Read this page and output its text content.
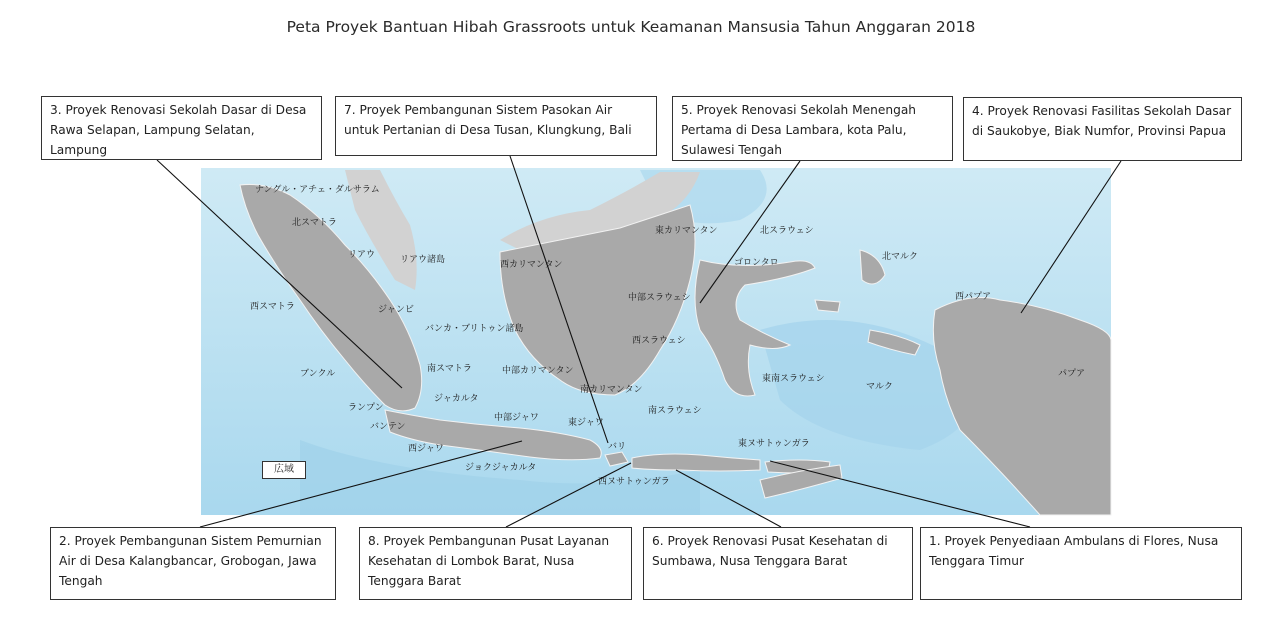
Peta Proyek Bantuan Hibah Grassroots untuk Keamanan Mansusia Tahun Anggaran 2018
ナングル・アチェ・ダルサラム
北スマトラ
リアウ	リアウ諸島
西スマトラ	ジャンビ
バンカ・ブリトゥン諸島
ブンクル	南スマトラ
ランプン
ジャカルタ
バンテン
西ジャワ
中部ジャワ
ジョクジャカルタ
東ジャワ
バリ
西ヌサトゥンガラ
東ヌサトゥンガラ
西カリマンタン
中部カリマンタン
南カリマンタン
東カリマンタン	北スラウェシ
ゴロンタロ
中部スラウェシ
西スラウェシ
南スラウェシ
東南スラウェシ
北マルク
マルク
西パプア
パプア
広域
3. Proyek Renovasi Sekolah Dasar di Desa Rawa Selapan, Lampung Selatan, Lampung
7. Proyek Pembangunan Sistem Pasokan Air untuk Pertanian di Desa Tusan, Klungkung, Bali
5. Proyek Renovasi Sekolah Menengah Pertama di Desa Lambara, kota Palu, Sulawesi Tengah
4. Proyek Renovasi Fasilitas Sekolah Dasar di Saukobye, Biak Numfor, Provinsi Papua
2. Proyek Pembangunan Sistem Pemurnian Air di Desa Kalangbancar, Grobogan, Jawa Tengah
8. Proyek Pembangunan Pusat Layanan Kesehatan di Lombok Barat, Nusa Tenggara Barat
6. Proyek Renovasi Pusat Kesehatan di Sumbawa, Nusa Tenggara Barat
1. Proyek Penyediaan Ambulans di Flores, Nusa Tenggara Timur
